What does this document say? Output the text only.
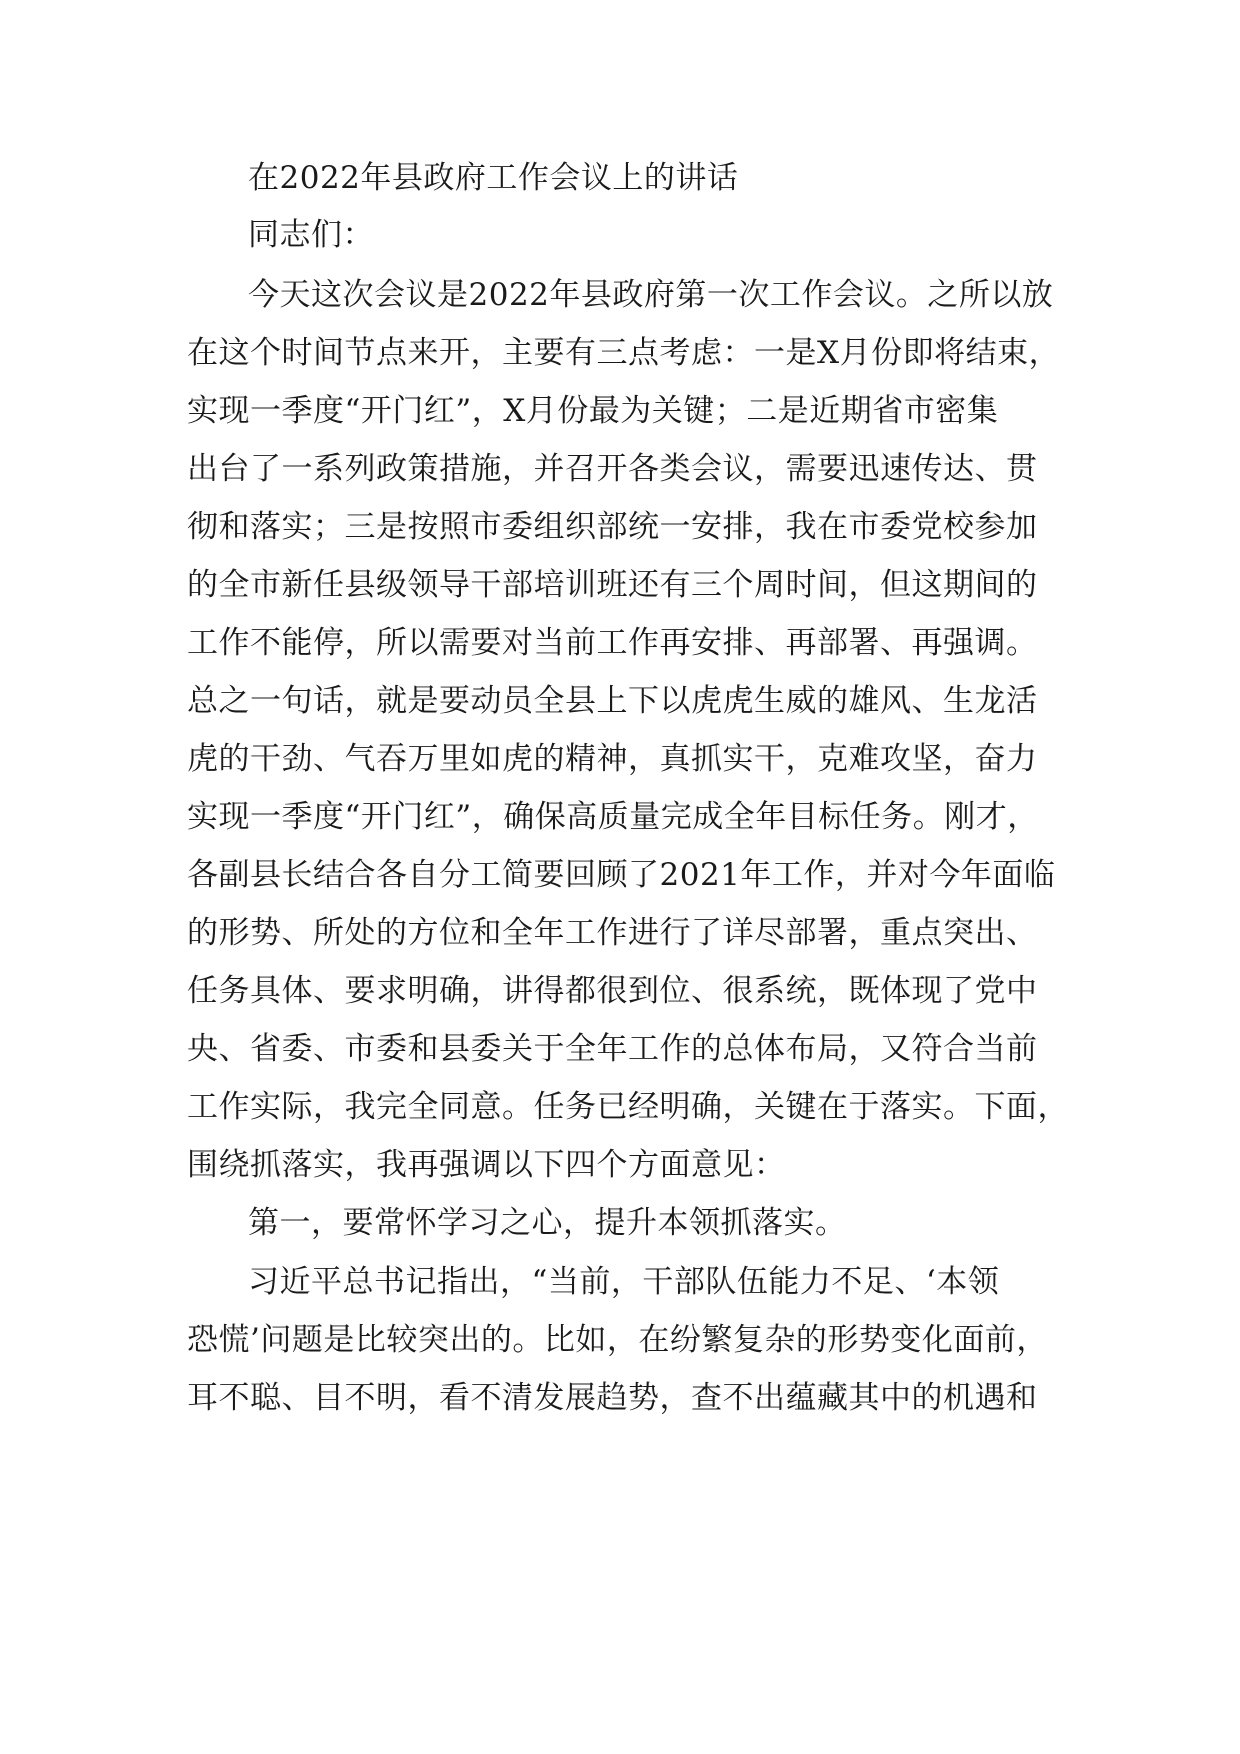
在2022年县政府工作会议上的讲话
同志们：
今天这次会议是2022年县政府第一次工作会议。之所以放
在这个时间节点来开，主要有三点考虑：一是X月份即将结束，
实现一季度“开门红”，X月份最为关键；二是近期省市密集
出台了一系列政策措施，并召开各类会议，需要迅速传达、贯
彻和落实；三是按照市委组织部统一安排，我在市委党校参加
的全市新任县级领导干部培训班还有三个周时间，但这期间的
工作不能停，所以需要对当前工作再安排、再部署、再强调。
总之一句话，就是要动员全县上下以虎虎生威的雄风、生龙活
虎的干劲、气吞万里如虎的精神，真抓实干，克难攻坚，奋力
实现一季度“开门红”，确保高质量完成全年目标任务。刚才，
各副县长结合各自分工简要回顾了2021年工作，并对今年面临
的形势、所处的方位和全年工作进行了详尽部署，重点突出、
任务具体、要求明确，讲得都很到位、很系统，既体现了党中
央、省委、市委和县委关于全年工作的总体布局，又符合当前
工作实际，我完全同意。任务已经明确，关键在于落实。下面，
围绕抓落实，我再强调以下四个方面意见：
第一，要常怀学习之心，提升本领抓落实。
习近平总书记指出，“当前，干部队伍能力不足、‘本领
恐慌’问题是比较突出的。比如，在纷繁复杂的形势变化面前，
耳不聪、目不明，看不清发展趋势，查不出蕴藏其中的机遇和
